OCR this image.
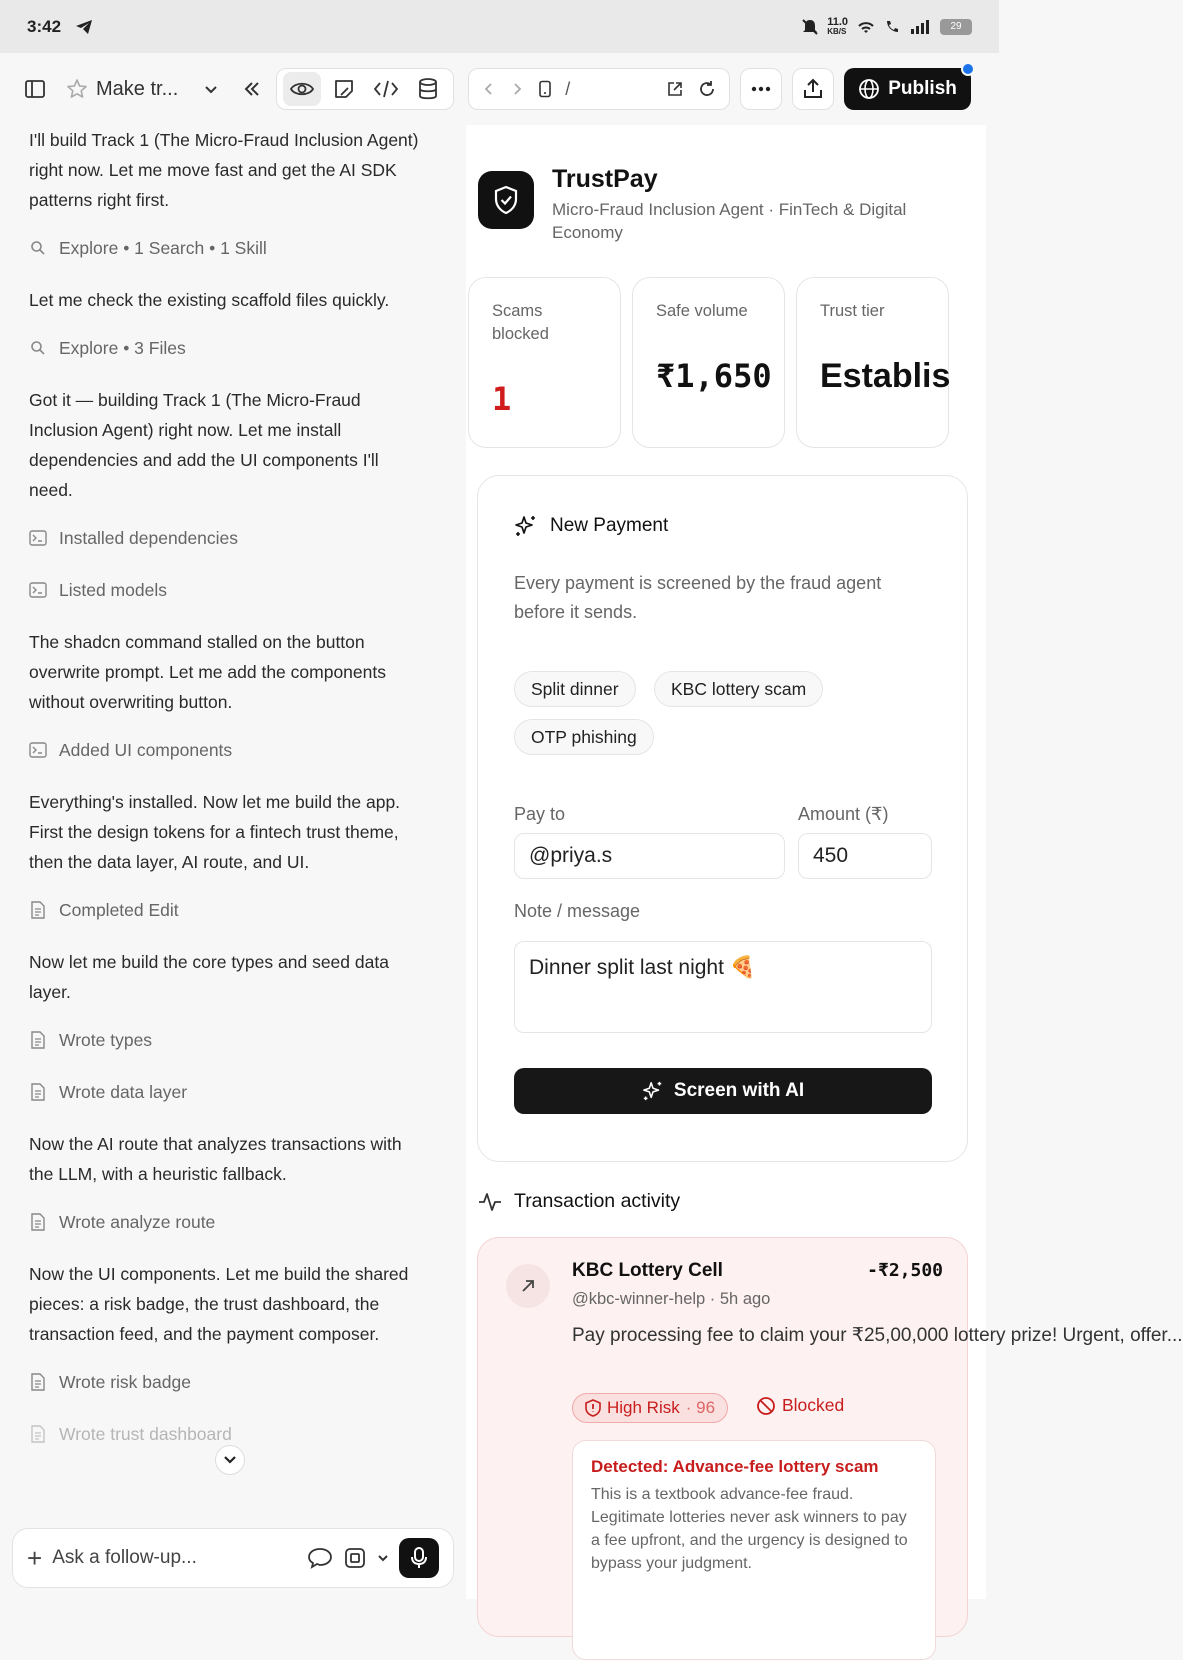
3:42	11.0
KB/S	29
Make tr...	/	Publish

I'll build Track 1 (The Micro-Fraud Inclusion Agent) right now. Let me move fast and get the AI SDK patterns right first.

Explore • 1 Search • 1 Skill

Let me check the existing scaffold files quickly.

Explore • 3 Files

Got it — building Track 1 (The Micro-Fraud Inclusion Agent) right now. Let me install dependencies and add the UI components I'll need.

Installed dependencies
Listed models

The shadcn command stalled on the button overwrite prompt. Let me add the components without overwriting button.

Added UI components

Everything's installed. Now let me build the app. First the design tokens for a fintech trust theme, then the data layer, AI route, and UI.

Completed Edit

Now let me build the core types and seed data layer.

Wrote types
Wrote data layer

Now the AI route that analyzes transactions with the LLM, with a heuristic fallback.

Wrote analyze route

Now the UI components. Let me build the shared pieces: a risk badge, the trust dashboard, the transaction feed, and the payment composer.

Wrote risk badge
Wrote trust dashboard
+ Ask a follow-up...
TrustPay
Micro-Fraud Inclusion Agent · FinTech & Digital Economy
Scams blocked
1
Safe volume
₹1,650
Trust tier
Establis
New Payment
Every payment is screened by the fraud agent before it sends.
Split dinner	KBC lottery scam
OTP phishing
Pay to	Amount (₹)
@priya.s	450
Note / message
Dinner split last night 🍕
Screen with AI
Transaction activity
KBC Lottery Cell	-₹2,500
@kbc-winner-help · 5h ago
Pay processing fee to claim your ₹25,00,000 lottery prize! Urgent, offer...
High Risk · 96	Blocked
Detected: Advance-fee lottery scam
This is a textbook advance-fee fraud. Legitimate lotteries never ask winners to pay a fee upfront, and the urgency is designed to bypass your judgment.
